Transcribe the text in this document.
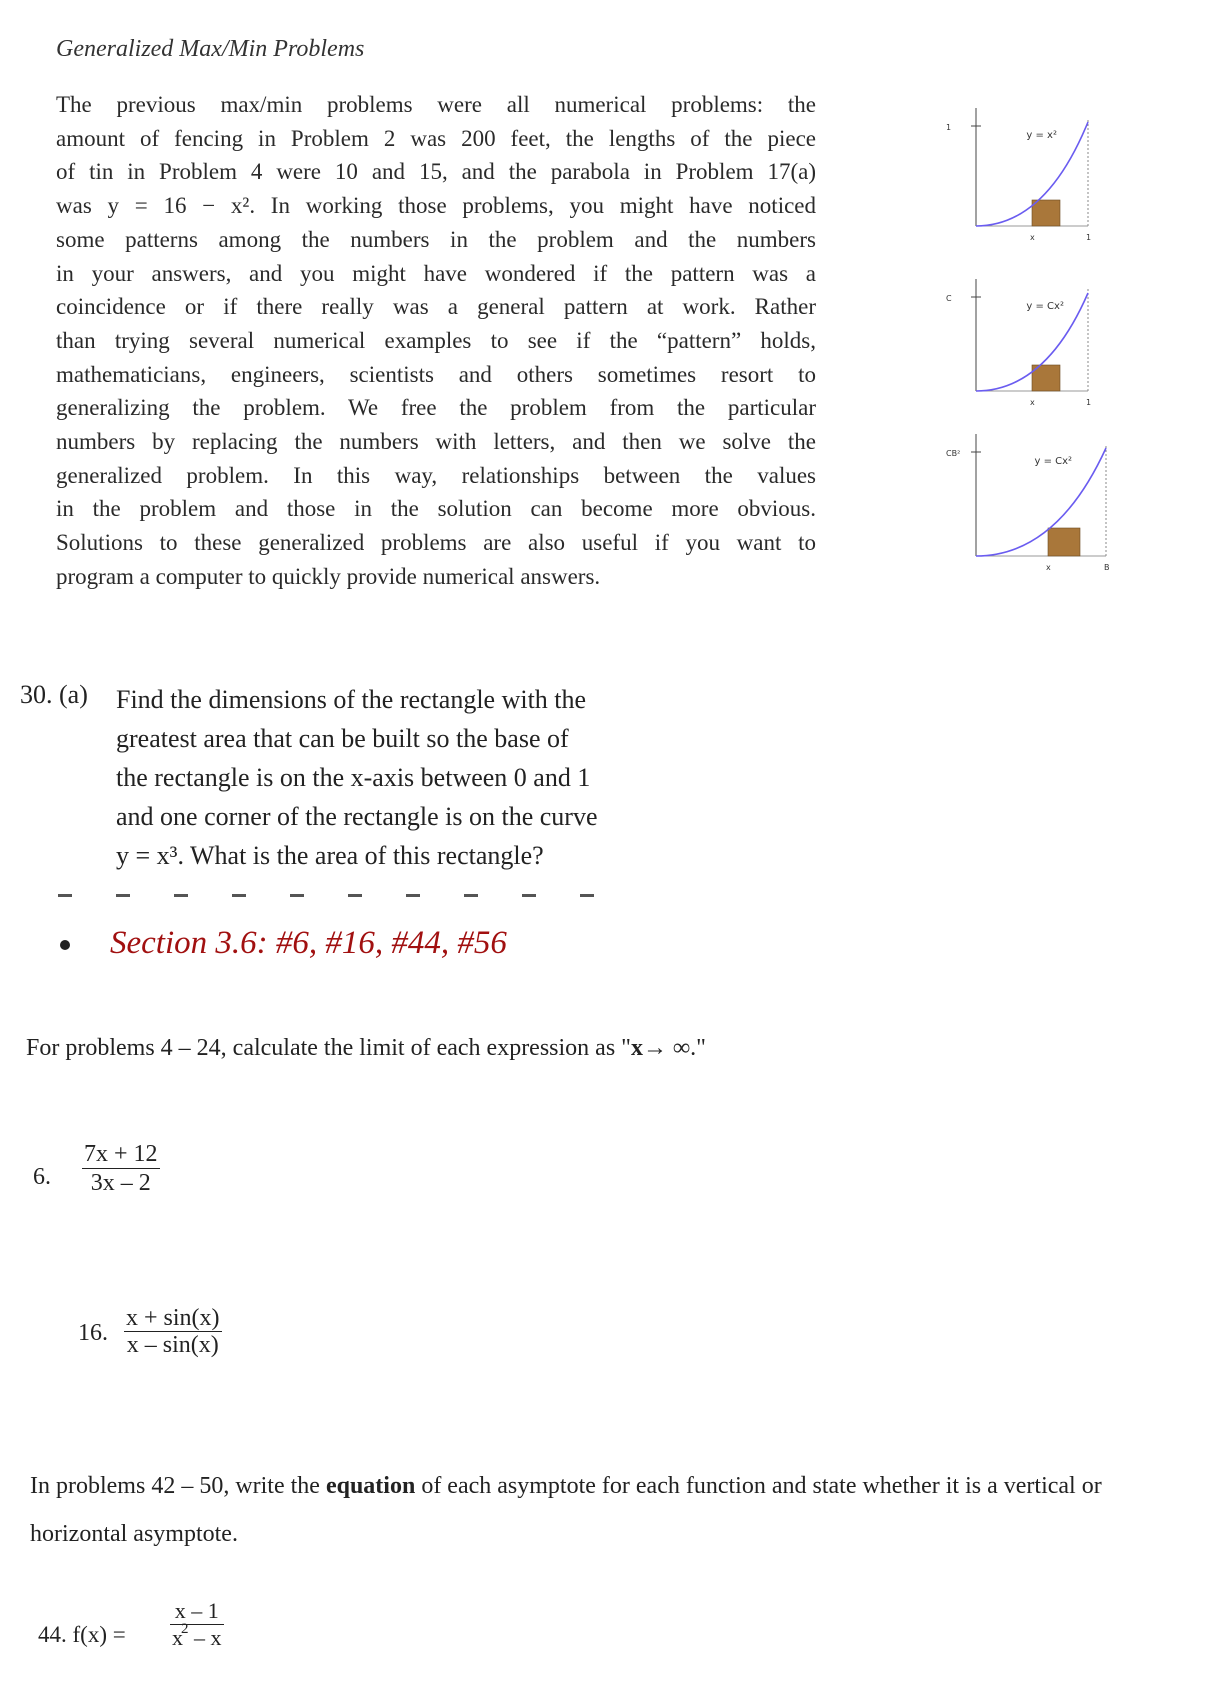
Generalized Max/Min Problems
The previous max/min problems were all numerical problems: the
amount of fencing in Problem 2 was 200 feet, the lengths of the piece
of tin in Problem 4 were 10 and 15, and the parabola in Problem 17(a)
was y = 16 − x². In working those problems, you might have noticed
some patterns among the numbers in the problem and the numbers
in your answers, and you might have wondered if the pattern was a
coincidence or if there really was a general pattern at work. Rather
than trying several numerical examples to see if the “pattern” holds,
mathematicians, engineers, scientists and others sometimes resort to
generalizing the problem. We free the problem from the particular
numbers by replacing the numbers with letters, and then we solve the
generalized problem. In this way, relationships between the values
in the problem and those in the solution can become more obvious.
Solutions to these generalized problems are also useful if you want to
program a computer to quickly provide numerical answers.
y = x²
1
x	1
y = Cx²
C
x	1
y = Cx²
CB²
x	B
30. (a) Find the dimensions of the rectangle with the
greatest area that can be built so the base of
the rectangle is on the x-axis between 0 and 1
and one corner of the rectangle is on the curve
y = x³. What is the area of this rectangle?
Section 3.6: #6, #16, #44, #56
For problems 4 – 24, calculate the limit of each expression as "x→ ∞."
6. $\frac{7x + 12}{3x - 2}$
16. $\frac{x + \sin(x)}{x - \sin(x)}$
In problems 42 – 50, write the equation of each asymptote for each function and state whether it is a vertical or horizontal asymptote.
44. $f(x) = \frac{x - 1}{x^2 - x}$
